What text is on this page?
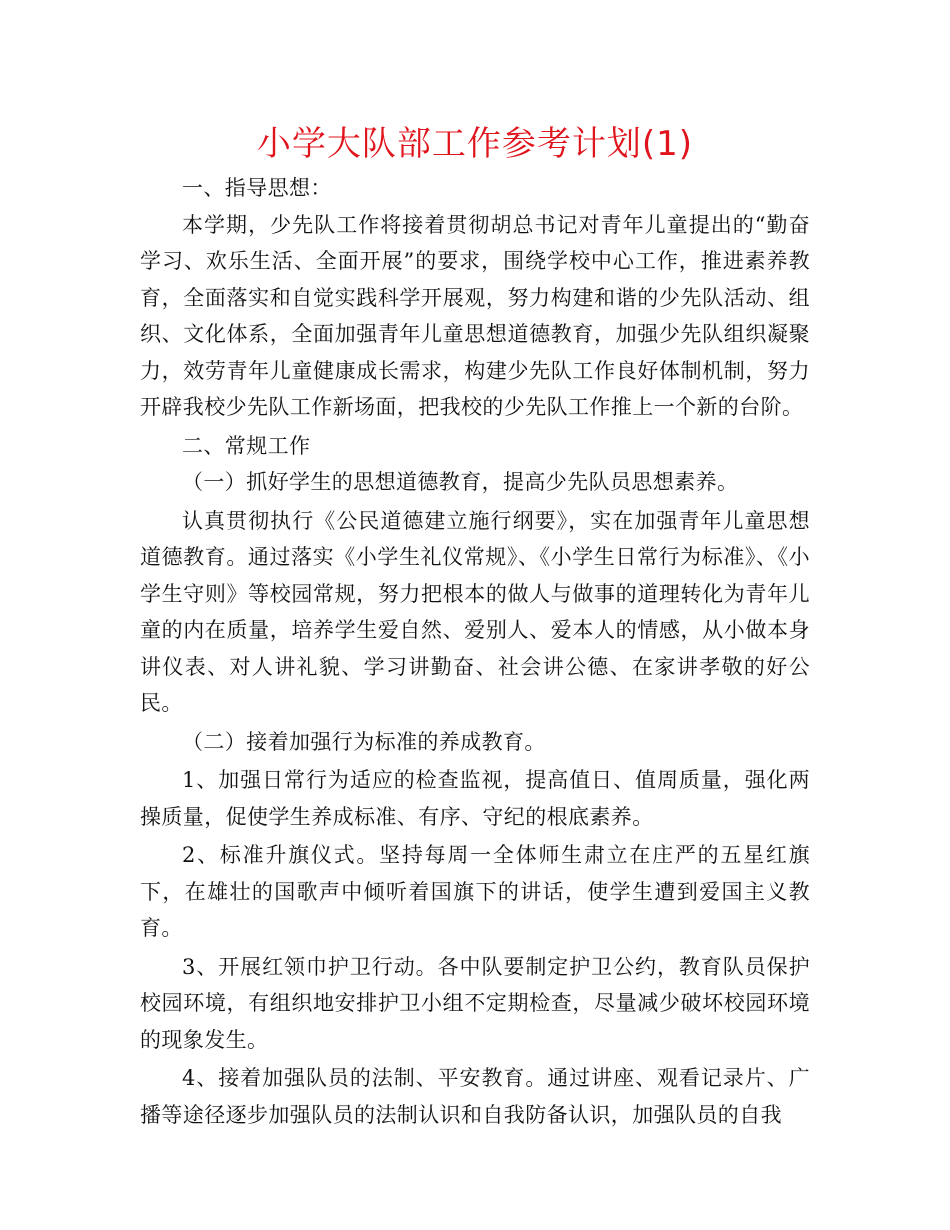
小学大队部工作参考计划(1)

一、指导思想：

本学期，少先队工作将接着贯彻胡总书记对青年儿童提出的“勤奋学习、欢乐生活、全面开展”的要求，围绕学校中心工作，推进素养教育，全面落实和自觉实践科学开展观，努力构建和谐的少先队活动、组织、文化体系，全面加强青年儿童思想道德教育，加强少先队组织凝聚力，效劳青年儿童健康成长需求，构建少先队工作良好体制机制，努力开辟我校少先队工作新场面，把我校的少先队工作推上一个新的台阶。

二、常规工作

（一）抓好学生的思想道德教育，提高少先队员思想素养。

认真贯彻执行《公民道德建立施行纲要》，实在加强青年儿童思想道德教育。通过落实《小学生礼仪常规》、《小学生日常行为标准》、《小学生守则》等校园常规，努力把根本的做人与做事的道理转化为青年儿童的内在质量，培养学生爱自然、爱别人、爱本人的情感，从小做本身讲仪表、对人讲礼貌、学习讲勤奋、社会讲公德、在家讲孝敬的好公民。

（二）接着加强行为标准的养成教育。

1、加强日常行为适应的检查监视，提高值日、值周质量，强化两操质量，促使学生养成标准、有序、守纪的根底素养。

2、标准升旗仪式。坚持每周一全体师生肃立在庄严的五星红旗下，在雄壮的国歌声中倾听着国旗下的讲话，使学生遭到爱国主义教育。

3、开展红领巾护卫行动。各中队要制定护卫公约，教育队员保护校园环境，有组织地安排护卫小组不定期检查，尽量减少破坏校园环境的现象发生。

4、接着加强队员的法制、平安教育。通过讲座、观看记录片、广播等途径逐步加强队员的法制认识和自我防备认识，加强队员的自我
